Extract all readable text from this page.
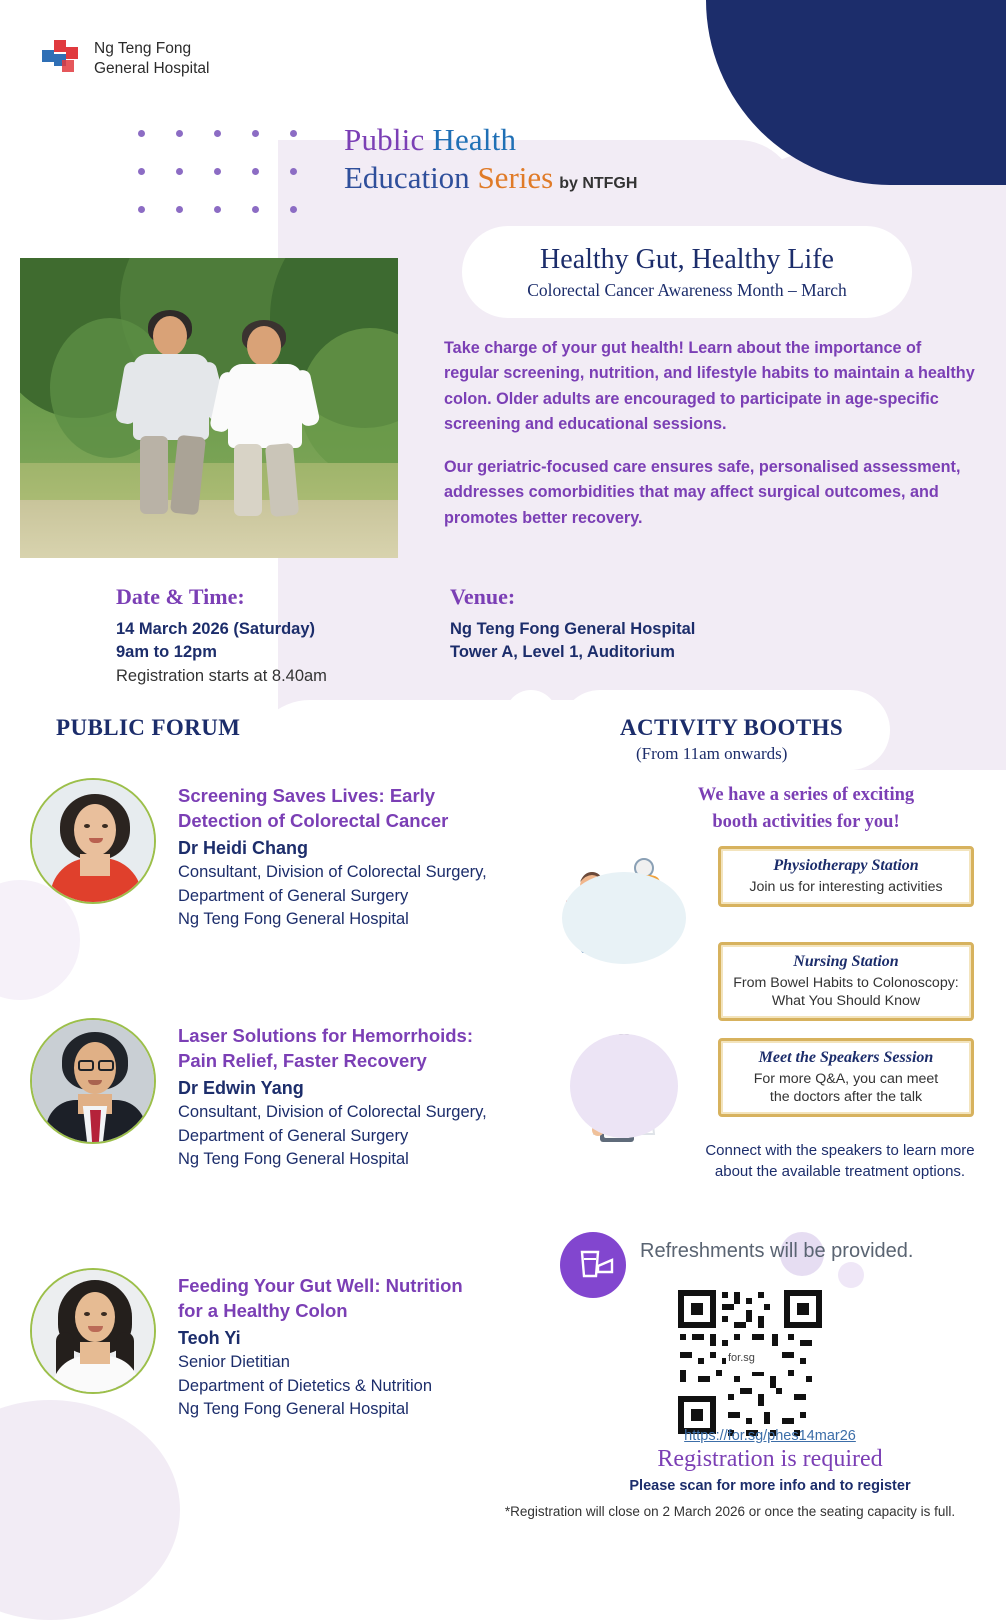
Ng Teng Fong
General Hospital
Public Health
Education Series by NTFGH
Healthy Gut, Healthy Life
Colorectal Cancer Awareness Month – March

Take charge of your gut health! Learn about the importance of regular screening, nutrition, and lifestyle habits to maintain a healthy colon. Older adults are encouraged to participate in age-specific screening and educational sessions.

Our geriatric-focused care ensures safe, personalised assessment, addresses comorbidities that may affect surgical outcomes, and promotes better recovery.

Date & Time:
14 March 2026 (Saturday)
9am to 12pm
Registration starts at 8.40am
Venue:
Ng Teng Fong General Hospital
Tower A, Level 1, Auditorium
PUBLIC FORUM	ACTIVITY BOOTHS
(From 11am onwards)
Screening Saves Lives: Early
Detection of Colorectal Cancer
Dr Heidi Chang
Consultant, Division of Colorectal Surgery,
Department of General Surgery
Ng Teng Fong General Hospital
Laser Solutions for Hemorrhoids:
Pain Relief, Faster Recovery
Dr Edwin Yang
Consultant, Division of Colorectal Surgery,
Department of General Surgery
Ng Teng Fong General Hospital
Feeding Your Gut Well: Nutrition
for a Healthy Colon
Teoh Yi
Senior Dietitian
Department of Dietetics & Nutrition
Ng Teng Fong General Hospital
We have a series of exciting
booth activities for you!
Physiotherapy Station
Join us for interesting activities
Nursing Station
From Bowel Habits to Colonoscopy:
What You Should Know
Meet the Speakers Session
For more Q&A, you can meet
the doctors after the talk
Connect with the speakers to learn more
about the available treatment options.
Refreshments will be provided.
for.sg
https://for.sg/phes14mar26
Registration is required
Please scan for more info and to register
*Registration will close on 2 March 2026 or once the seating capacity is full.
